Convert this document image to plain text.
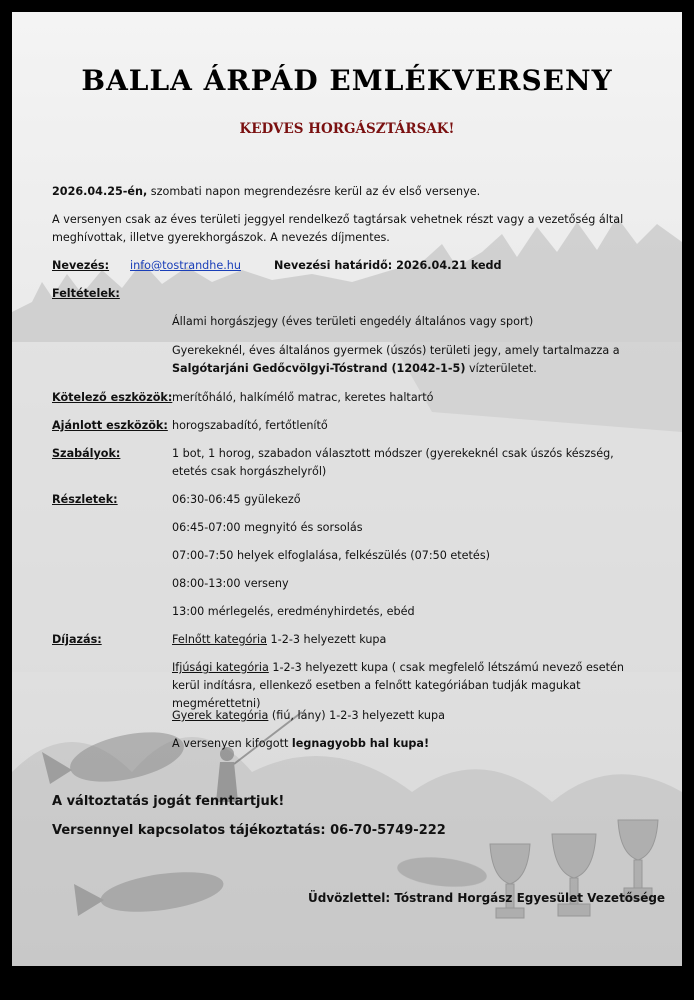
BALLA ÁRPÁD EMLÉKVERSENY
KEDVES HORGÁSZTÁRSAK!
2026.04.25-én, szombati napon megrendezésre kerül az év első versenye.
A versenyen csak az éves területi jeggyel rendelkező tagtársak vehetnek részt vagy a vezetőség által meghívottak, illetve gyerekhorgászok. A nevezés díjmentes.
Nevezés: info@tostrandhe.hu	Nevezési határidő: 2026.04.21 kedd
Feltételek:
Állami horgászjegy (éves területi engedély általános vagy sport)
Gyerekeknél, éves általános gyermek (úszós) területi jegy, amely tartalmazza a Salgótarjáni Gedőcvölgyi-Tóstrand (12042-1-5) vízterületet.
Kötelező eszközök: merítőháló, halkímélő matrac, keretes haltartó
Ajánlott eszközök: horogszabadító, fertőtlenítő
Szabályok:	1 bot, 1 horog, szabadon választott módszer (gyerekeknél csak úszós készség, etetés csak horgászhelyről)
Részletek:	06:30-06:45 gyülekező
06:45-07:00 megnyitó és sorsolás
07:00-7:50 helyek elfoglalása, felkészülés (07:50 etetés)
08:00-13:00 verseny
13:00 mérlegelés, eredményhirdetés, ebéd
Díjazás:	Felnőtt kategória 1-2-3 helyezett kupa
Ifjúsági kategória 1-2-3 helyezett kupa ( csak megfelelő létszámú nevező esetén kerül indításra, ellenkező esetben a felnőtt kategóriában tudják magukat megmérettetni)
Gyerek kategória (fiú, lány) 1-2-3 helyezett kupa
A versenyen kifogott legnagyobb hal kupa!
A változtatás jogát fenntartjuk!
Versennyel kapcsolatos tájékoztatás: 06-70-5749-222
Üdvözlettel: Tóstrand Horgász Egyesület Vezetősége
